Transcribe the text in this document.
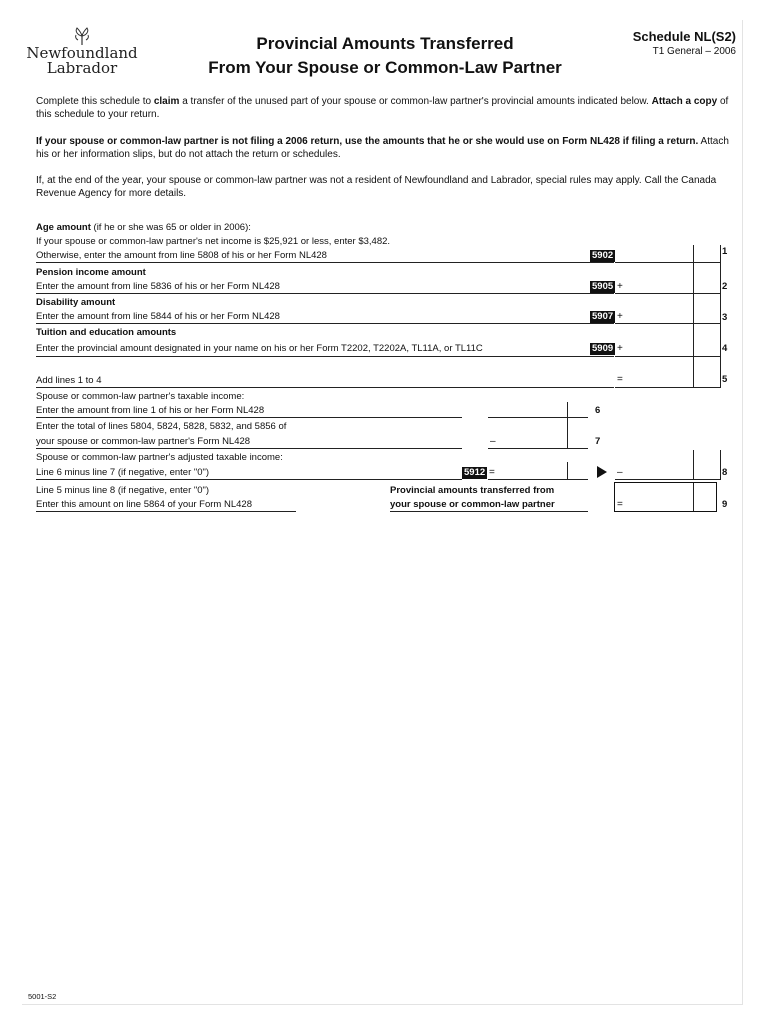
Newfoundland
Labrador
Provincial Amounts Transferred
From Your Spouse or Common-Law Partner
Schedule NL(S2)
T1 General – 2006
Complete this schedule to claim a transfer of the unused part of your spouse or common-law partner's provincial amounts indicated below. Attach a copy of this schedule to your return.
If your spouse or common-law partner is not filing a 2006 return, use the amounts that he or she would use on Form NL428 if filing a return. Attach his or her information slips, but do not attach the return or schedules.
If, at the end of the year, your spouse or common-law partner was not a resident of Newfoundland and Labrador, special rules may apply. Call the Canada Revenue Agency for more details.
Age amount (if he or she was 65 or older in 2006):
If your spouse or common-law partner's net income is $25,921 or less, enter $3,482.
Otherwise, enter the amount from line 5808 of his or her Form NL428	5902	1
Pension income amount
Enter the amount from line 5836 of his or her Form NL428	5905 +	2
Disability amount
Enter the amount from line 5844 of his or her Form NL428	5907 +	3
Tuition and education amounts
Enter the provincial amount designated in your name on his or her Form T2202, T2202A, TL11A, or TL11C	5909 +	4
Add lines 1 to 4	=	5
Spouse or common-law partner's taxable income:
Enter the amount from line 1 of his or her Form NL428	6
Enter the total of lines 5804, 5824, 5828, 5832, and 5856 of
your spouse or common-law partner's Form NL428	–	7
Spouse or common-law partner's adjusted taxable income:
Line 6 minus line 7 (if negative, enter "0")	5912 =	–	8
Line 5 minus line 8 (if negative, enter "0")
Enter this amount on line 5864 of your Form NL428
Provincial amounts transferred from
your spouse or common-law partner	=	9
5001-S2
